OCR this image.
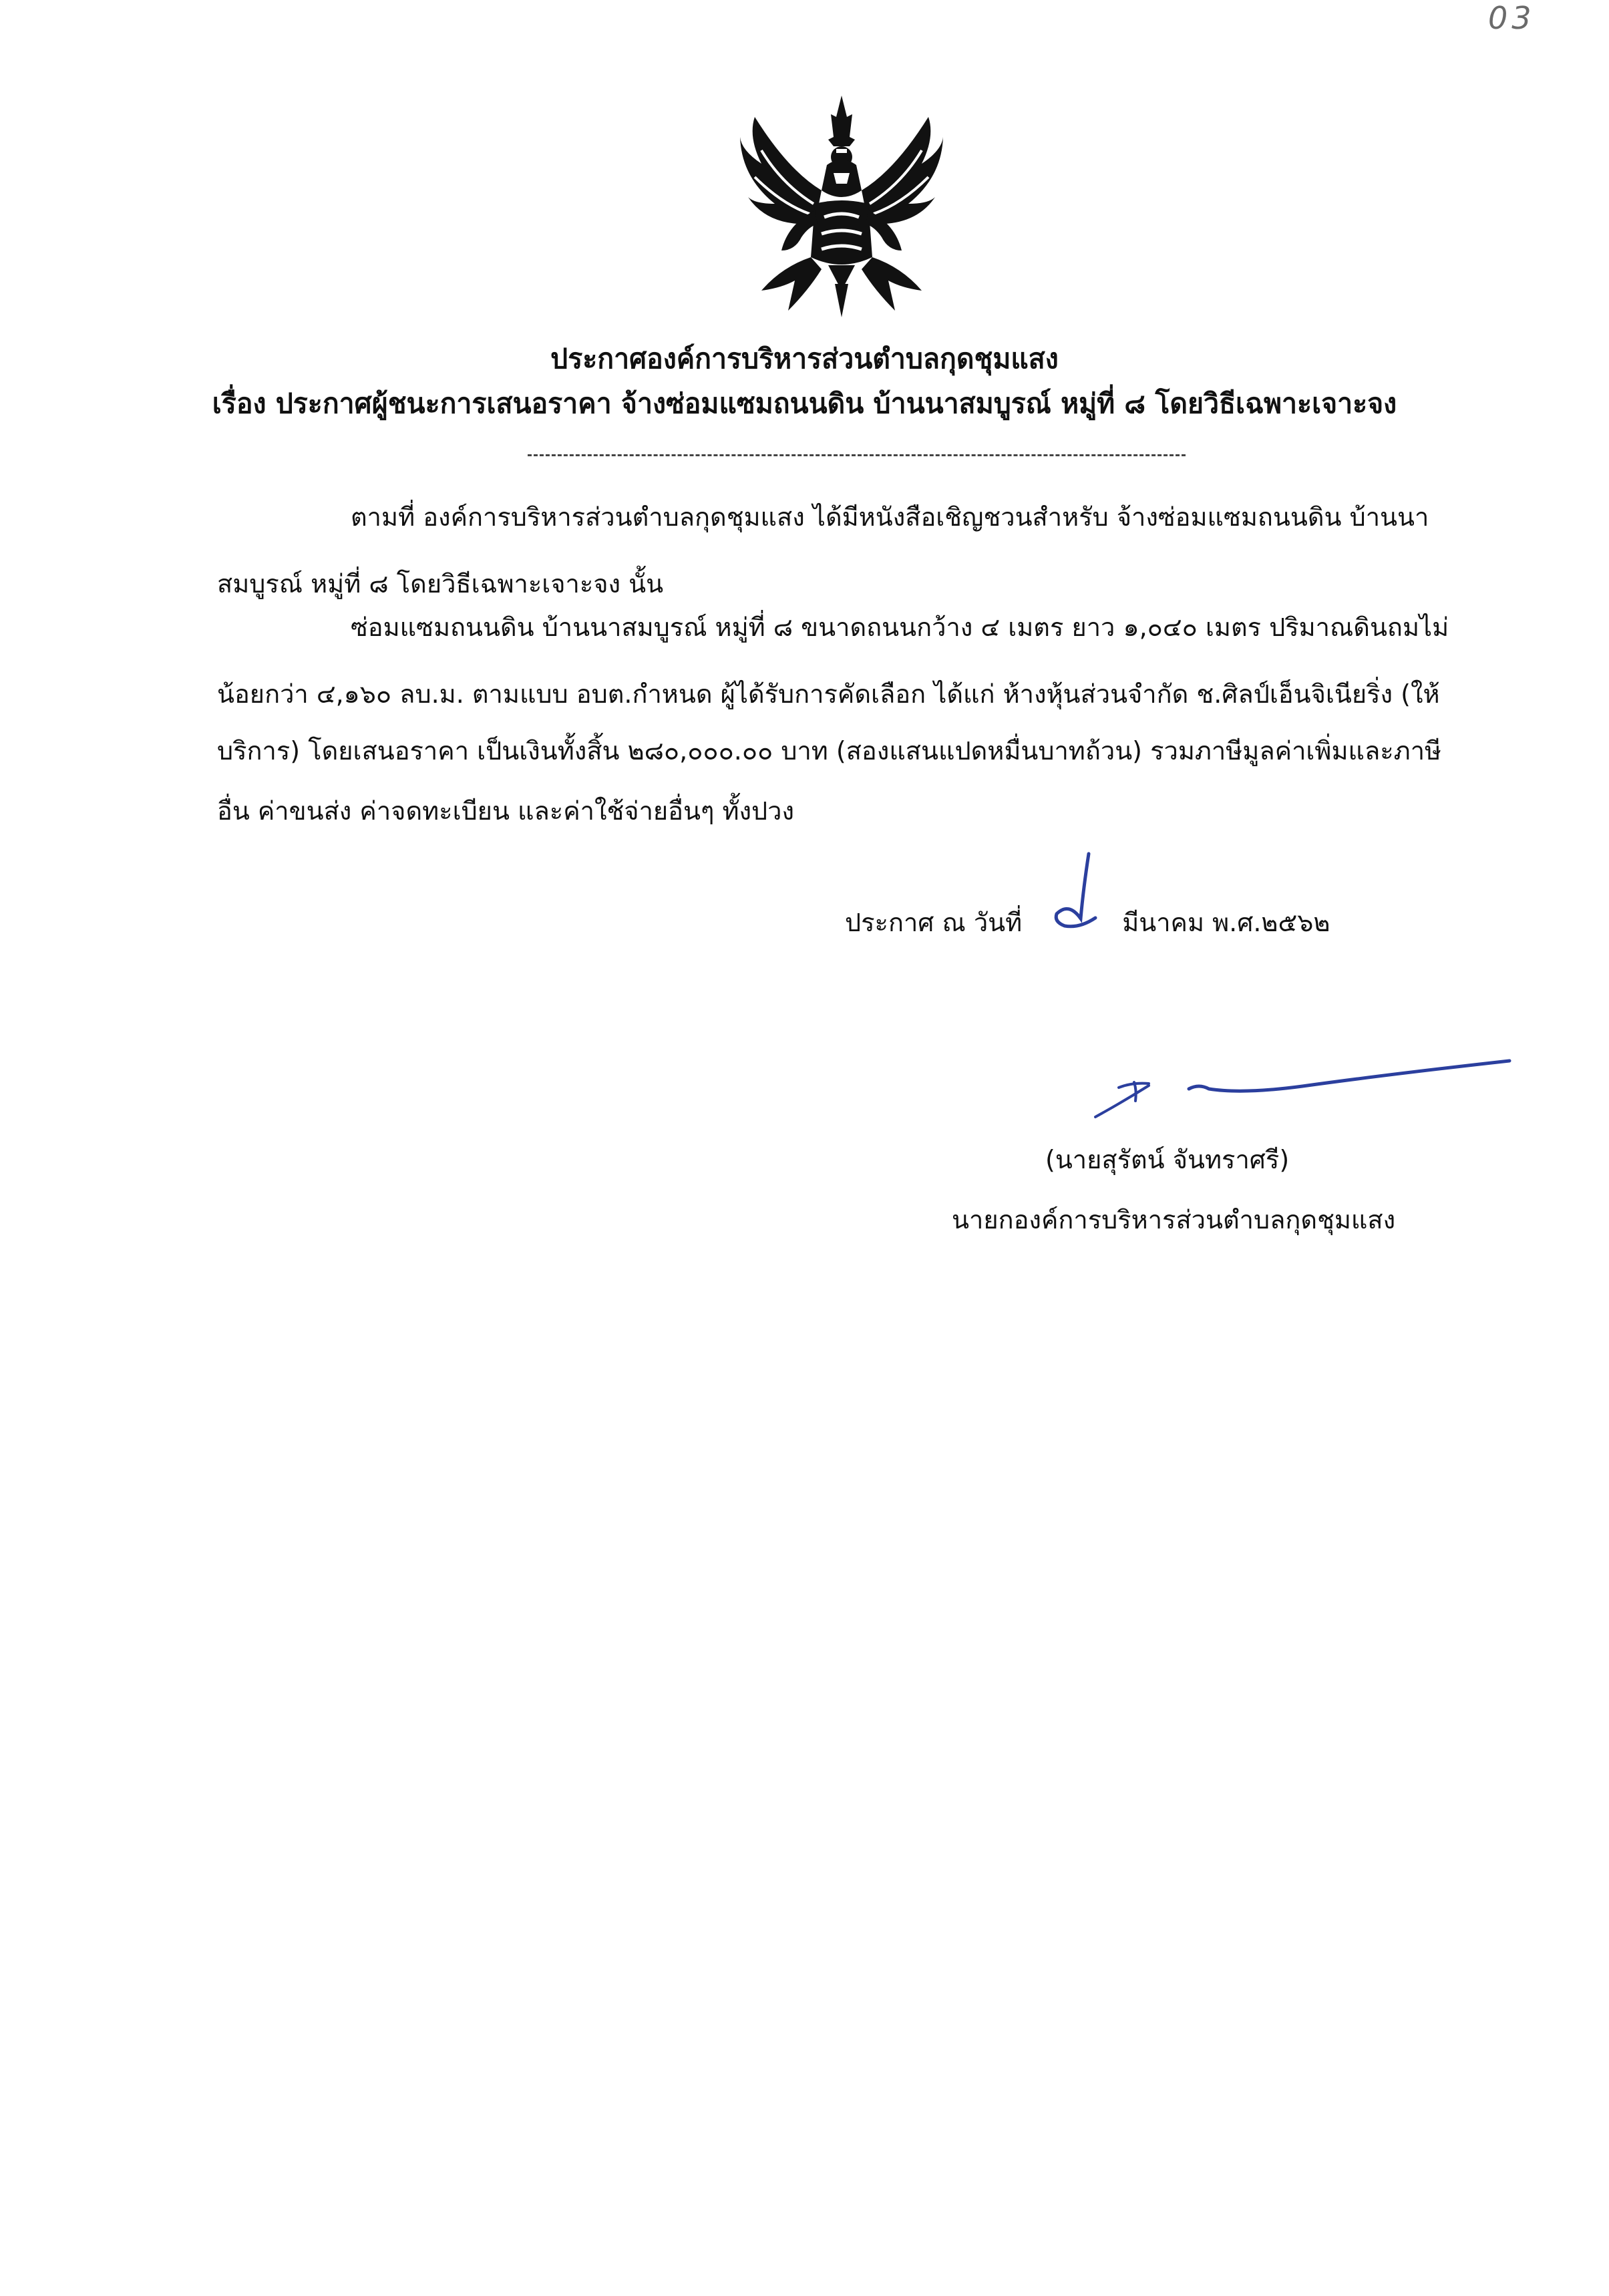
03
ประกาศองค์การบริหารส่วนตำบลกุดชุมแสง
เรื่อง ประกาศผู้ชนะการเสนอราคา จ้างซ่อมแซมถนนดิน บ้านนาสมบูรณ์ หมู่ที่ ๘ โดยวิธีเฉพาะเจาะจง
ตามที่ องค์การบริหารส่วนตำบลกุดชุมแสง ได้มีหนังสือเชิญชวนสำหรับ จ้างซ่อมแซมถนนดิน บ้านนา
สมบูรณ์ หมู่ที่ ๘ โดยวิธีเฉพาะเจาะจง นั้น
ซ่อมแซมถนนดิน บ้านนาสมบูรณ์ หมู่ที่ ๘ ขนาดถนนกว้าง ๔ เมตร ยาว ๑,๐๔๐ เมตร ปริมาณดินถมไม่
น้อยกว่า ๔,๑๖๐ ลบ.ม. ตามแบบ อบต.กำหนด ผู้ได้รับการคัดเลือก ได้แก่ ห้างหุ้นส่วนจำกัด ช.ศิลป์เอ็นจิเนียริ่ง (ให้
บริการ) โดยเสนอราคา เป็นเงินทั้งสิ้น ๒๘๐,๐๐๐.๐๐ บาท (สองแสนแปดหมื่นบาทถ้วน) รวมภาษีมูลค่าเพิ่มและภาษี
อื่น ค่าขนส่ง ค่าจดทะเบียน และค่าใช้จ่ายอื่นๆ ทั้งปวง
ประกาศ ณ วันที่	มีนาคม พ.ศ.๒๕๖๒
(นายสุรัตน์ จันทราศรี)
นายกองค์การบริหารส่วนตำบลกุดชุมแสง
